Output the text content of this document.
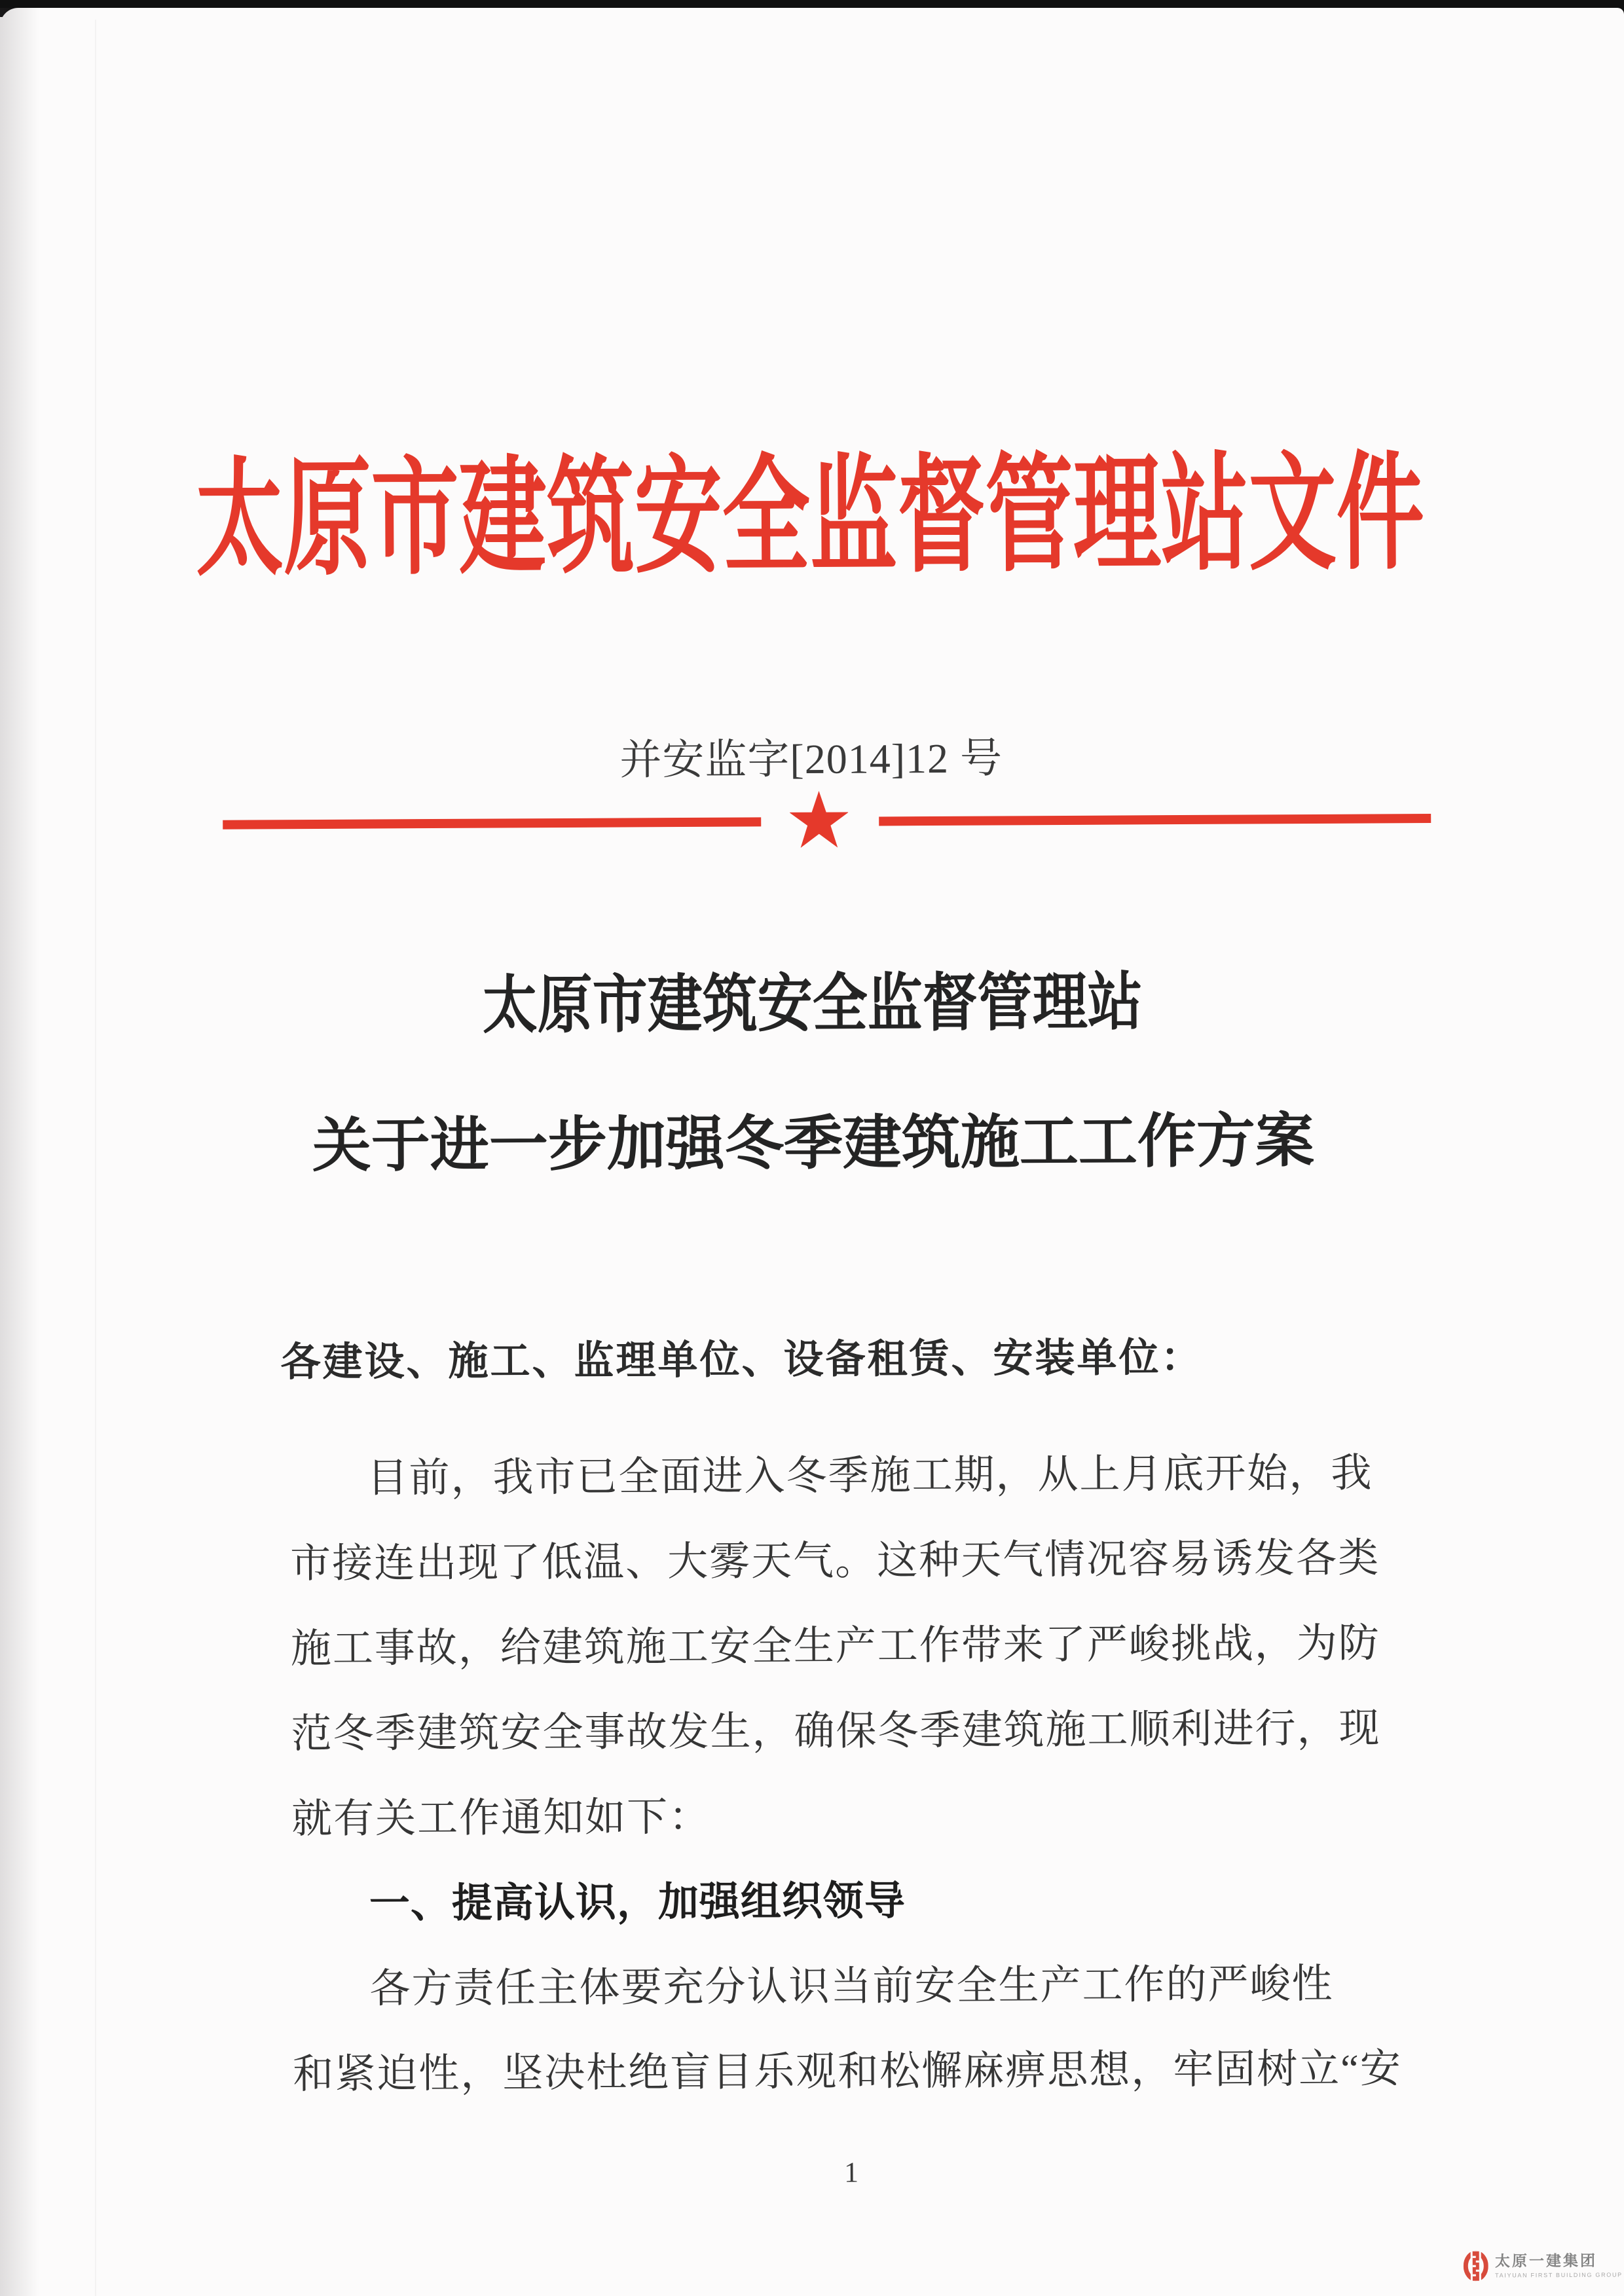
太原市建筑安全监督管理站文件
并安监字[2014]12 号
太原市建筑安全监督管理站
关于进一步加强冬季建筑施工工作方案
各建设、施工、监理单位、设备租赁、安装单位：
目前，我市已全面进入冬季施工期，从上月底开始，我
市接连出现了低温、大雾天气。这种天气情况容易诱发各类
施工事故，给建筑施工安全生产工作带来了严峻挑战，为防
范冬季建筑安全事故发生，确保冬季建筑施工顺利进行，现
就有关工作通知如下：
一、提高认识，加强组织领导
各方责任主体要充分认识当前安全生产工作的严峻性
和紧迫性，坚决杜绝盲目乐观和松懈麻痹思想，牢固树立“安
1
太原一建集团
TAIYUAN FIRST BUILDING GROUP
